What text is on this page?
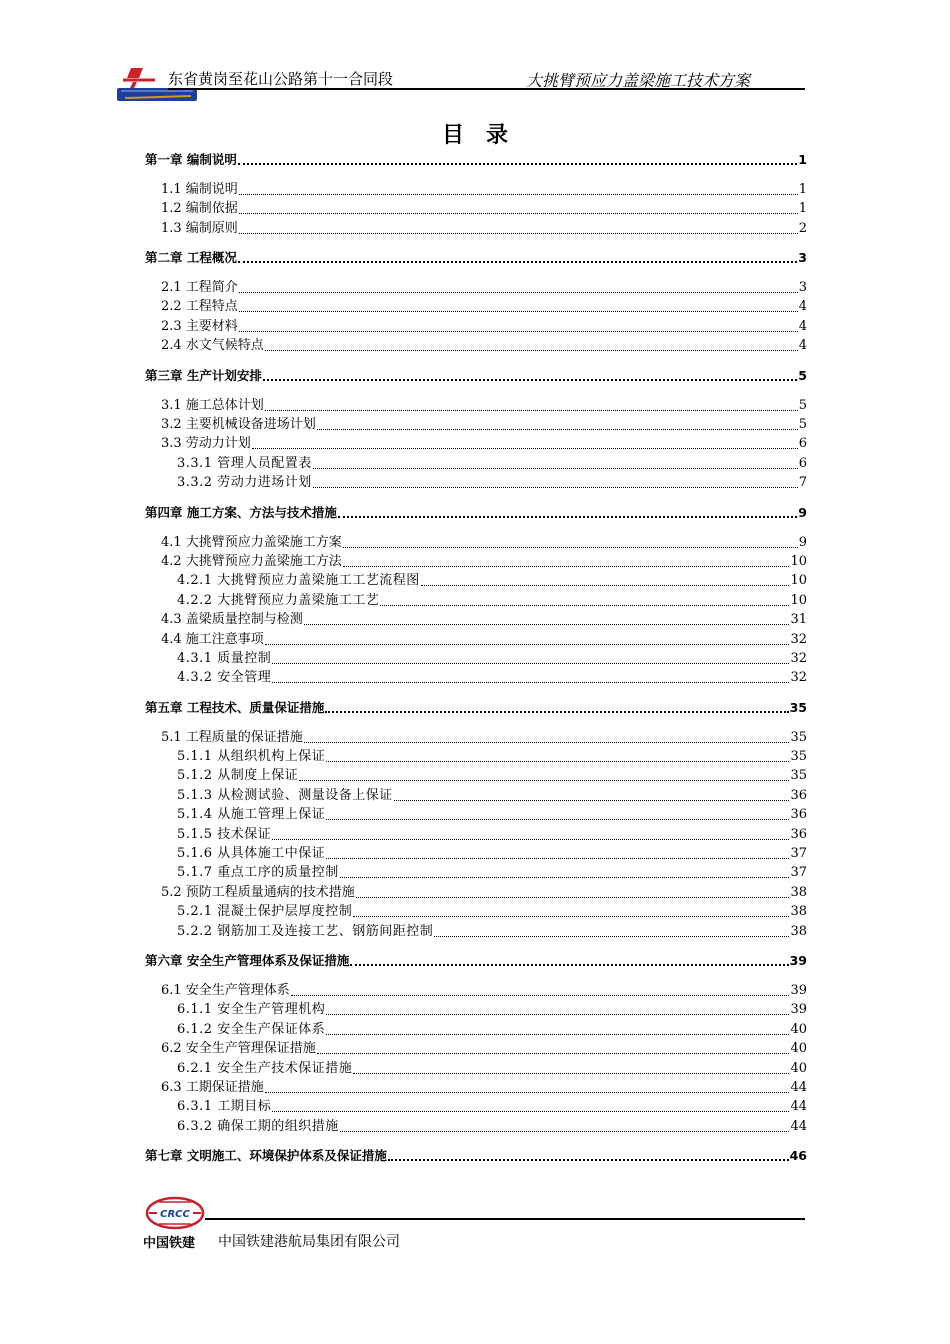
东省黄岗至花山公路第十一合同段	大挑臂预应力盖梁施工技术方案
目录
第一章 编制说明	1
1.1 编制说明	1
1.2 编制依据	1
1.3 编制原则	2
第二章 工程概况	3
2.1 工程简介	3
2.2 工程特点	4
2.3 主要材料	4
2.4 水文气候特点	4
第三章 生产计划安排	5
3.1 施工总体计划	5
3.2 主要机械设备进场计划	5
3.3 劳动力计划	6
3.3.1 管理人员配置表	6
3.3.2 劳动力进场计划	7
第四章 施工方案、方法与技术措施	9
4.1 大挑臂预应力盖梁施工方案	9
4.2 大挑臂预应力盖梁施工方法	10
4.2.1 大挑臂预应力盖梁施工工艺流程图	10
4.2.2 大挑臂预应力盖梁施工工艺	10
4.3 盖梁质量控制与检测	31
4.4 施工注意事项	32
4.3.1 质量控制	32
4.3.2 安全管理	32
第五章 工程技术、质量保证措施	35
5.1 工程质量的保证措施	35
5.1.1 从组织机构上保证	35
5.1.2 从制度上保证	35
5.1.3 从检测试验、测量设备上保证	36
5.1.4 从施工管理上保证	36
5.1.5 技术保证	36
5.1.6 从具体施工中保证	37
5.1.7 重点工序的质量控制	37
5.2 预防工程质量通病的技术措施	38
5.2.1 混凝土保护层厚度控制	38
5.2.2 钢筋加工及连接工艺、钢筋间距控制	38
第六章 安全生产管理体系及保证措施	39
6.1 安全生产管理体系	39
6.1.1 安全生产管理机构	39
6.1.2 安全生产保证体系	40
6.2 安全生产管理保证措施	40
6.2.1 安全生产技术保证措施	40
6.3 工期保证措施	44
6.3.1 工期目标	44
6.3.2 确保工期的组织措施	44
第七章 文明施工、环境保护体系及保证措施	46
CRCC
中国铁建 中国铁建港航局集团有限公司
